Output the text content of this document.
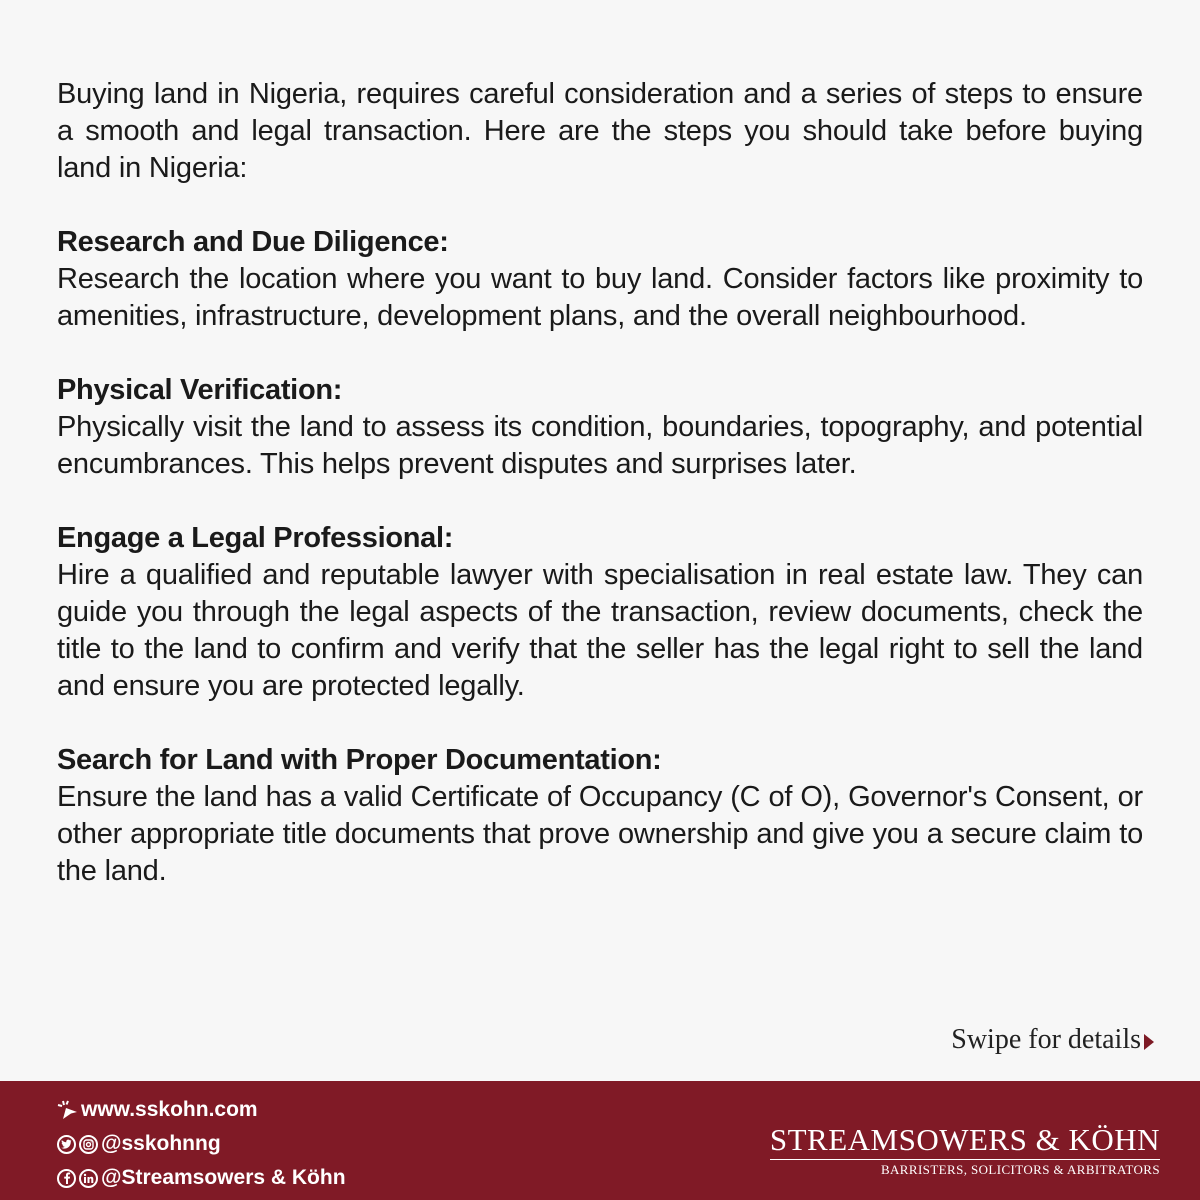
Buying land in Nigeria, requires careful consideration and a series of steps to ensure a smooth and legal transaction. Here are the steps you should take before buying land in Nigeria:

Research and Due Diligence:

Research the location where you want to buy land. Consider factors like proximity to amenities, infrastructure, development plans, and the overall neighbourhood.

Physical Verification:

Physically visit the land to assess its condition, boundaries, topography, and potential encumbrances. This helps prevent disputes and surprises later.

Engage a Legal Professional:

Hire a qualified and reputable lawyer with specialisation in real estate law. They can guide you through the legal aspects of the transaction, review documents, check the title to the land to confirm and verify that the seller has the legal right to sell the land and ensure you are protected legally.

Search for Land with Proper Documentation:

Ensure the land has a valid Certificate of Occupancy (C of O), Governor's Consent, or other appropriate title documents that prove ownership and give you a secure claim to the land.

Swipe for details
www.sskohn.com
@sskohnng
@Streamsowers & Köhn
STREAMSOWERS & KÖHN
BARRISTERS, SOLICITORS & ARBITRATORS
